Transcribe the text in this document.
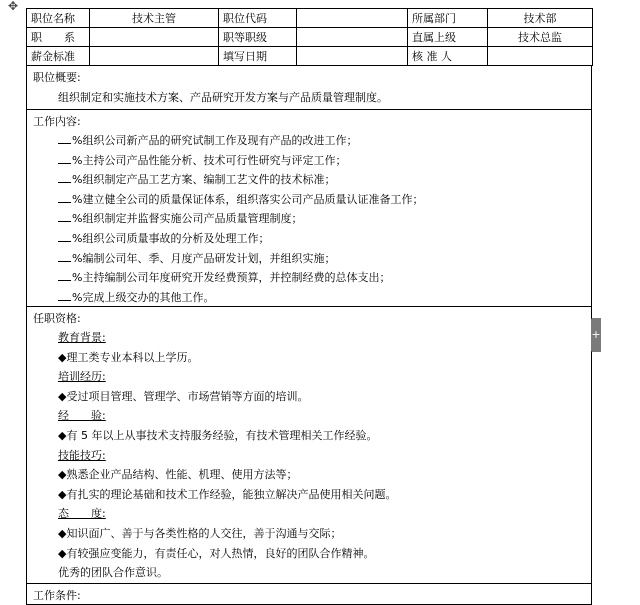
✥
职位名称	技术主管	职位代码		所属部门	技术部
职　　系		职等职级		直属上级	技术总监
薪金标准		填写日期		核 准 人	
职位概要:
组织制定和实施技术方案、产品研究开发方案与产品质量管理制度。
工作内容:
%组织公司新产品的研究试制工作及现有产品的改进工作；
%主持公司产品性能分析、技术可行性研究与评定工作；
%组织制定产品工艺方案、编制工艺文件的技术标准；
%建立健全公司的质量保证体系，组织落实公司产品质量认证准备工作；
%组织制定并监督实施公司产品质量管理制度；
%组织公司质量事故的分析及处理工作；
%编制公司年、季、月度产品研发计划，并组织实施；
%主持编制公司年度研究开发经费预算，并控制经费的总体支出；
%完成上级交办的其他工作。
任职资格:
教育背景:
◆理工类专业本科以上学历。
培训经历:
◆受过项目管理、管理学、市场营销等方面的培训。
经　　验:
◆有 5 年以上从事技术支持服务经验，有技术管理相关工作经验。
技能技巧:
◆熟悉企业产品结构、性能、机理、使用方法等；
◆有扎实的理论基础和技术工作经验，能独立解决产品使用相关问题。
态　　度:
◆知识面广、善于与各类性格的人交往，善于沟通与交际；
◆有较强应变能力，有责任心，对人热情，良好的团队合作精神。
优秀的团队合作意识。
工作条件:
+
